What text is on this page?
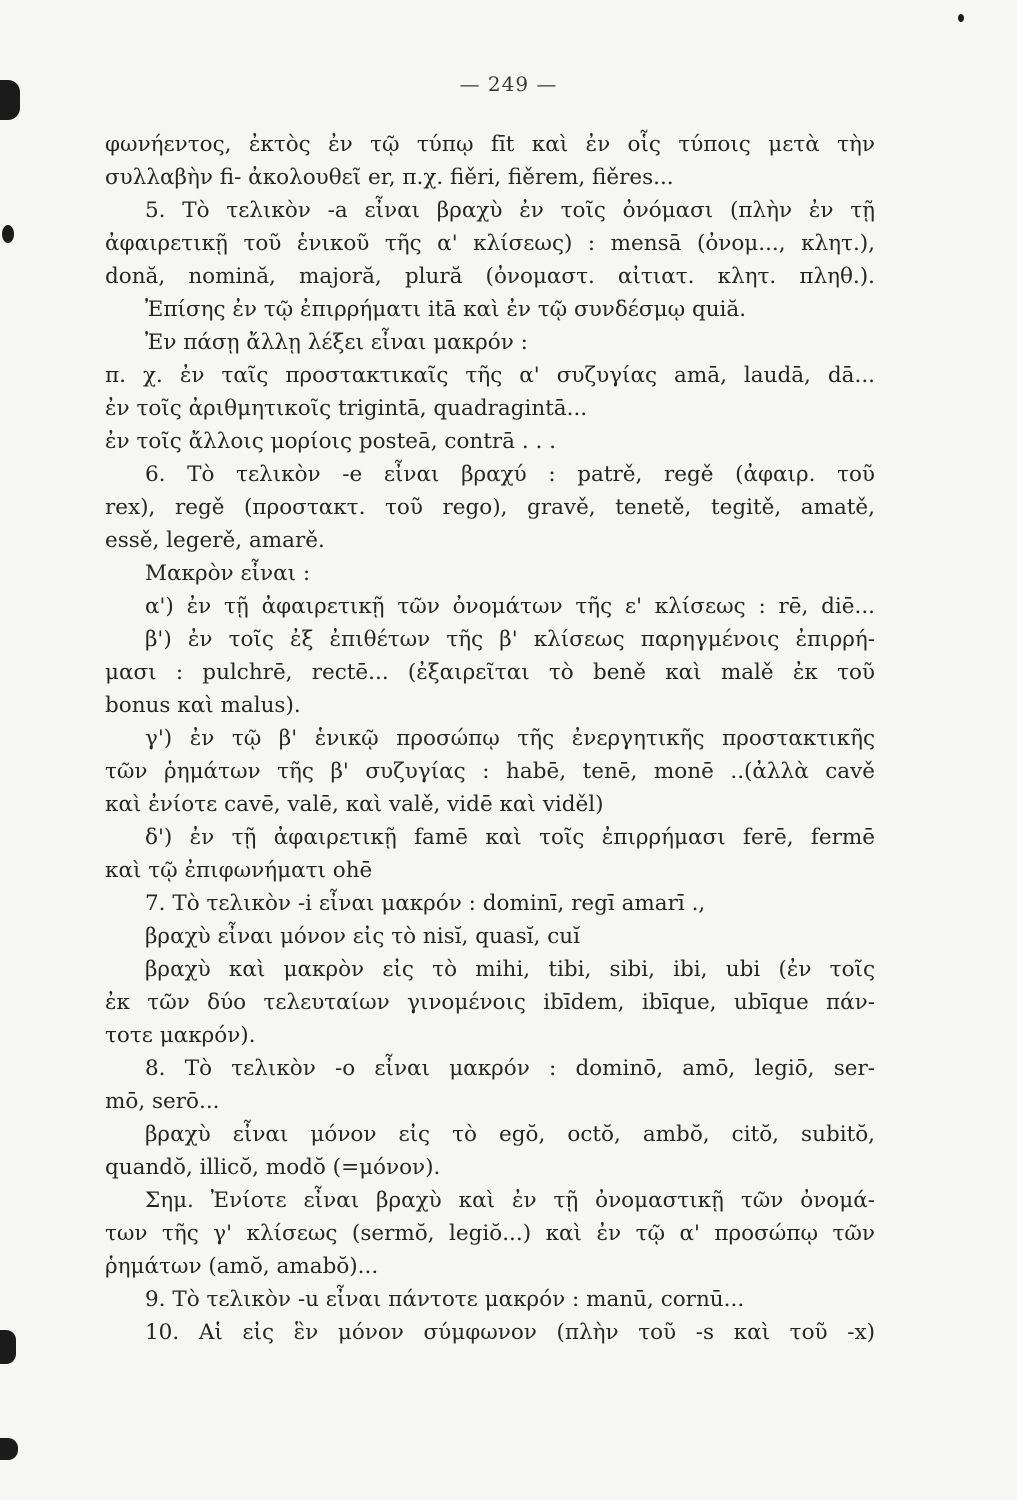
— 249 —
φωνήεντος, ἐκτὸς ἐν τῷ τύπῳ fīt καὶ ἐν οἷς τύποις μετὰ τὴν
συλλαβὴν fi- ἀκολουθεῖ er, π.χ. fiěri, fiěrem, fiěres...
5. Τὸ τελικὸν -a εἶναι βραχὺ ἐν τοῖς ὀνόμασι (πλὴν ἐν τῇ
ἀφαιρετικῇ τοῦ ἑνικοῦ τῆς α' κλίσεως) : mensā (ὀνομ..., κλητ.),
donă, nomină, majoră, plură (ὀνομαστ. αἰτιατ. κλητ. πληθ.).
Ἐπίσης ἐν τῷ ἐπιρρήματι itā καὶ ἐν τῷ συνδέσμῳ quiă.
Ἐν πάσῃ ἄλλῃ λέξει εἶναι μακρόν :
π. χ. ἐν ταῖς προστακτικαῖς τῆς α' συζυγίας amā, laudā, dā...
ἐν τοῖς ἀριθμητικοῖς trigintā, quadragintā...
ἐν τοῖς ἄλλοις μορίοις posteā, contrā . . .
6. Τὸ τελικὸν -e εἶναι βραχύ : patrě, regě (ἀφαιρ. τοῦ
rex), regě (προστακτ. τοῦ rego), gravě, tenetě, tegitě, amatě,
essě, legerě, amarě.
Μακρὸν εἶναι :
α') ἐν τῇ ἀφαιρετικῇ τῶν ὀνομάτων τῆς ε' κλίσεως : rē, diē...
β') ἐν τοῖς ἐξ ἐπιθέτων τῆς β' κλίσεως παρηγμένοις ἐπιρρή-
μασι : pulchrē, rectē... (ἐξαιρεῖται τὸ beně καὶ malě ἐκ τοῦ
bonus καὶ malus).
γ') ἐν τῷ β' ἑνικῷ προσώπῳ τῆς ἐνεργητικῆς προστακτικῆς
τῶν ῥημάτων τῆς β' συζυγίας : habē, tenē, monē ..(ἀλλὰ cavě
καὶ ἐνίοτε cavē, valē, καὶ valě, vidē καὶ viděl)
δ') ἐν τῇ ἀφαιρετικῇ famē καὶ τοῖς ἐπιρρήμασι ferē, fermē
καὶ τῷ ἐπιφωνήματι ohē
7. Τὸ τελικὸν -i εἶναι μακρόν : dominī, regī amarī .,
βραχὺ εἶναι μόνον εἰς τὸ nisĭ, quasĭ, cuĭ
βραχὺ καὶ μακρὸν εἰς τὸ mihi, tibi, sibi, ibi, ubi (ἐν τοῖς
ἐκ τῶν δύο τελευταίων γινομένοις ibīdem, ibīque, ubīque πάν-
τοτε μακρόν).
8. Τὸ τελικὸν -o εἶναι μακρόν : dominō, amō, legiō, ser-
mō, serō...
βραχὺ εἶναι μόνον εἰς τὸ egŏ, octŏ, ambŏ, citŏ, subitŏ,
quandŏ, illicŏ, modŏ (=μόνον).
Σημ. Ἐνίοτε εἶναι βραχὺ καὶ ἐν τῇ ὀνομαστικῇ τῶν ὀνομά-
των τῆς γ' κλίσεως (sermŏ, legiŏ...) καὶ ἐν τῷ α' προσώπῳ τῶν
ῥημάτων (amŏ, amabŏ)...
9. Τὸ τελικὸν -u εἶναι πάντοτε μακρόν : manū, cornū...
10. Αἱ εἰς ἓν μόνον σύμφωνον (πλὴν τοῦ -s καὶ τοῦ -x)
